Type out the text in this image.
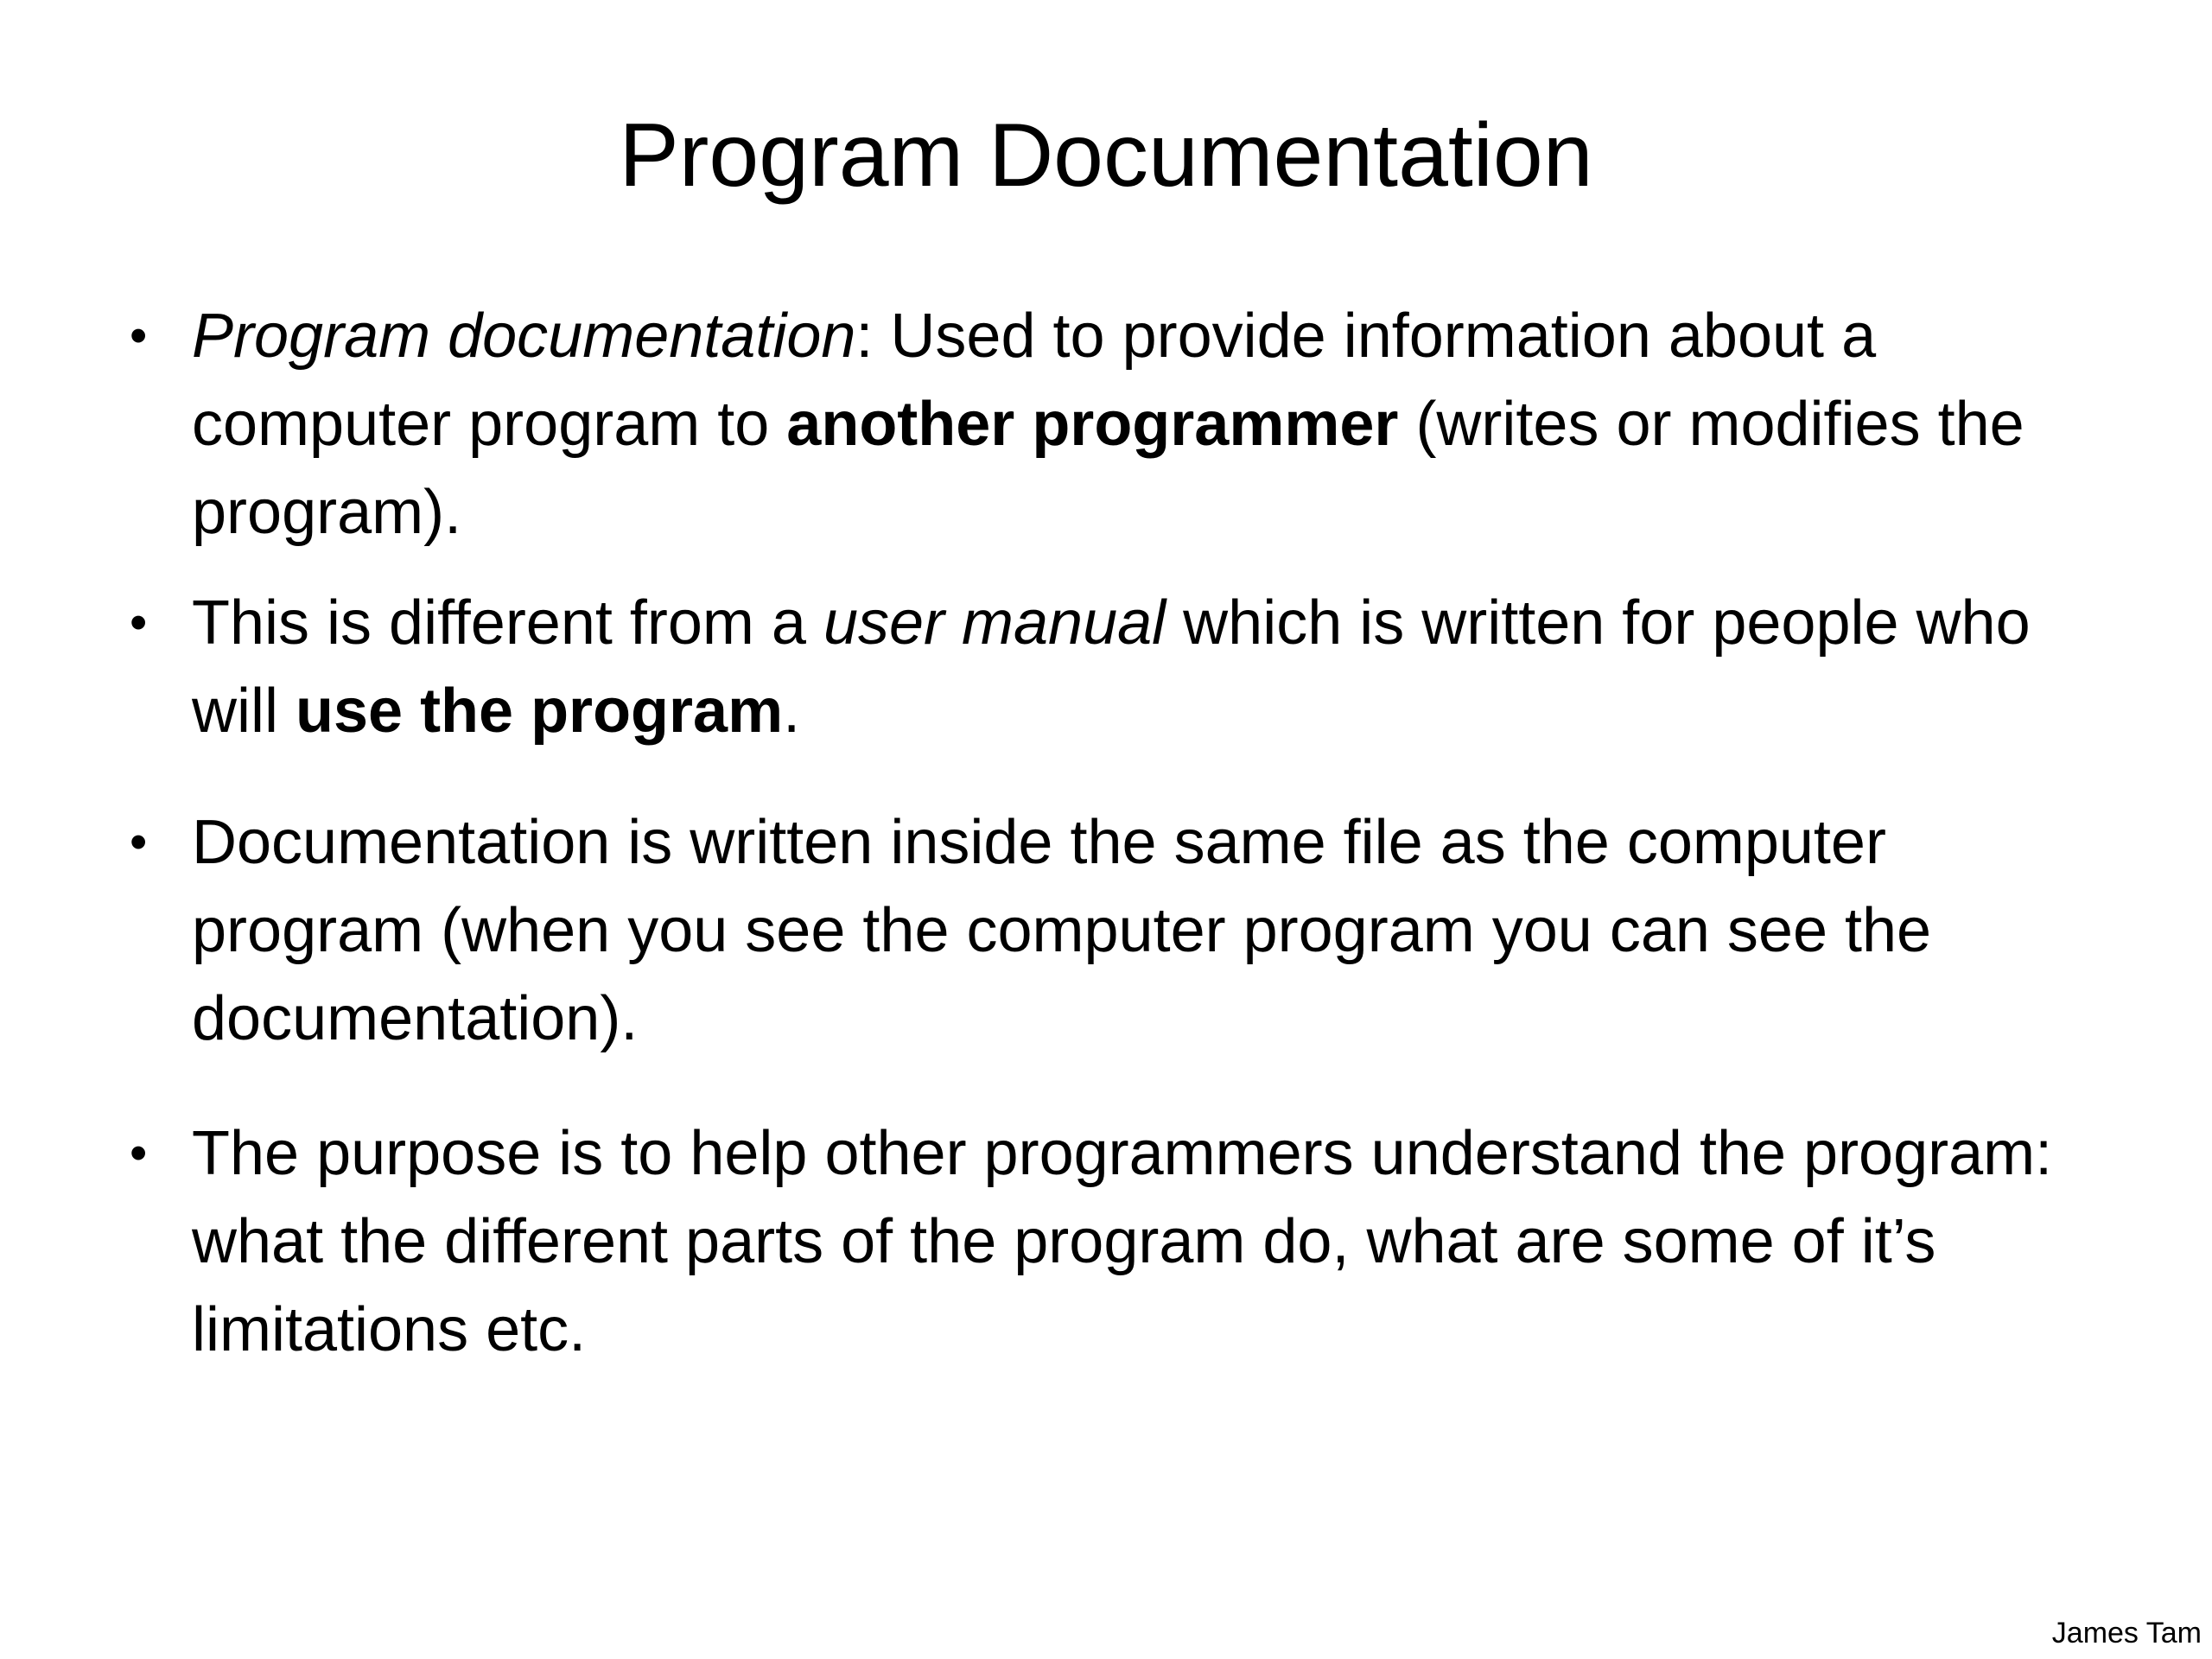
Program Documentation
• Program documentation: Used to provide information about a computer program to another programmer (writes or modifies the program).
• This is different from a user manual which is written for people who will use the program.
• Documentation is written inside the same file as the computer program (when you see the computer program you can see the documentation).
• The purpose is to help other programmers understand the program: what the different parts of the program do, what are some of it’s limitations etc.
James Tam
